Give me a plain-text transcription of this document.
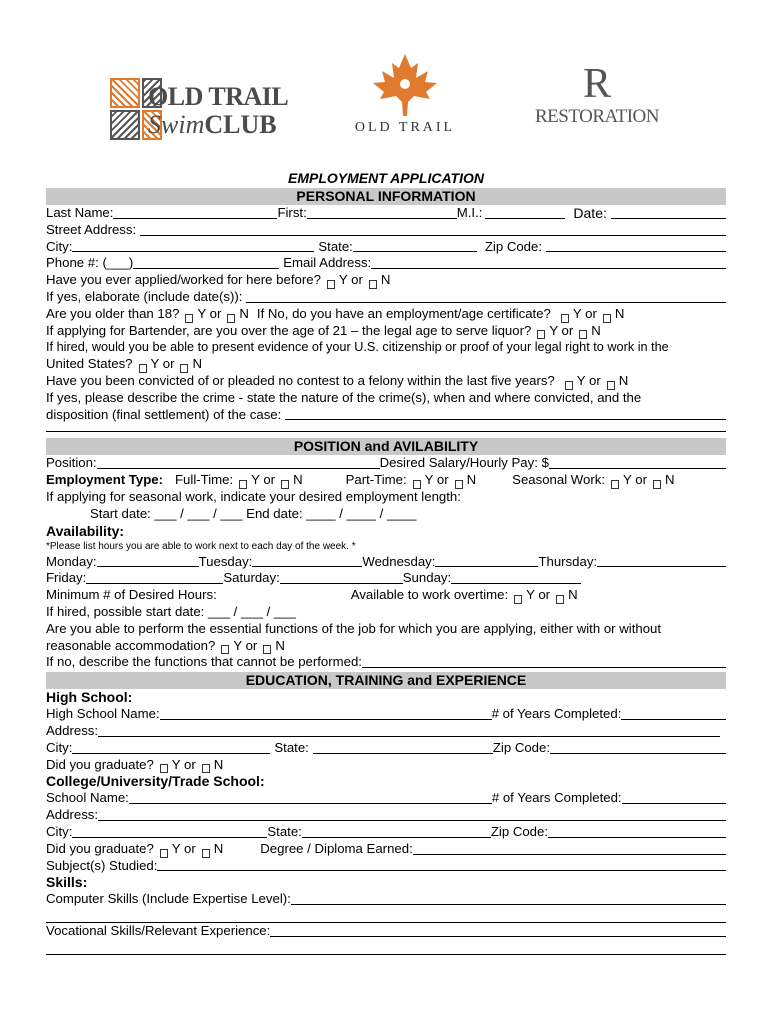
OLD TRAIL
SwimCLUB	OLD TRAIL
R
RESTORATION
EMPLOYMENT APPLICATION
PERSONAL INFORMATION
Last Name:	First:	M.I.:	Date:
Street Address:
City:	State:	Zip Code:
Phone #: (___)	Email Address:
Have you ever applied/worked for here before? Y or N
If yes, elaborate (include date(s)):
Are you older than 18? Y or N If No, do you have an employment/age certificate? Y or N
If applying for Bartender, are you over the age of 21 – the legal age to serve liquor? Y or N
If hired, would you be able to present evidence of your U.S. citizenship or proof of your legal right to work in the
United States? Y or N
Have you been convicted of or pleaded no contest to a felony within the last five years? Y or N
If yes, please describe the crime - state the nature of the crime(s), when and where convicted, and the
disposition (final settlement) of the case:
POSITION and AVILABILITY
Position:	Desired Salary/Hourly Pay: $
Employment Type: Full-Time: Y or N	Part-Time: Y or N	Seasonal Work: Y or N
If applying for seasonal work, indicate your desired employment length:
Start date: ___ / ___ / ___ End date: ____ / ____ / ____
Availability:
*Please list hours you are able to work next to each day of the week. *
Monday:	Tuesday:	Wednesday:	Thursday:
Friday:	Saturday:	Sunday:
Minimum # of Desired Hours:	Available to work overtime: Y or N
If hired, possible start date: ___ / ___ / ___
Are you able to perform the essential functions of the job for which you are applying, either with or without
reasonable accommodation? Y or N
If no, describe the functions that cannot be performed:
EDUCATION, TRAINING and EXPERIENCE
High School:
High School Name:	# of Years Completed:
Address:
City:	State:	Zip Code:
Did you graduate? Y or N
College/University/Trade School:
School Name:	# of Years Completed:
Address:
City:	State:	Zip Code:
Did you graduate? Y or N	Degree / Diploma Earned:
Subject(s) Studied:
Skills:
Computer Skills (Include Expertise Level):
Vocational Skills/Relevant Experience:
